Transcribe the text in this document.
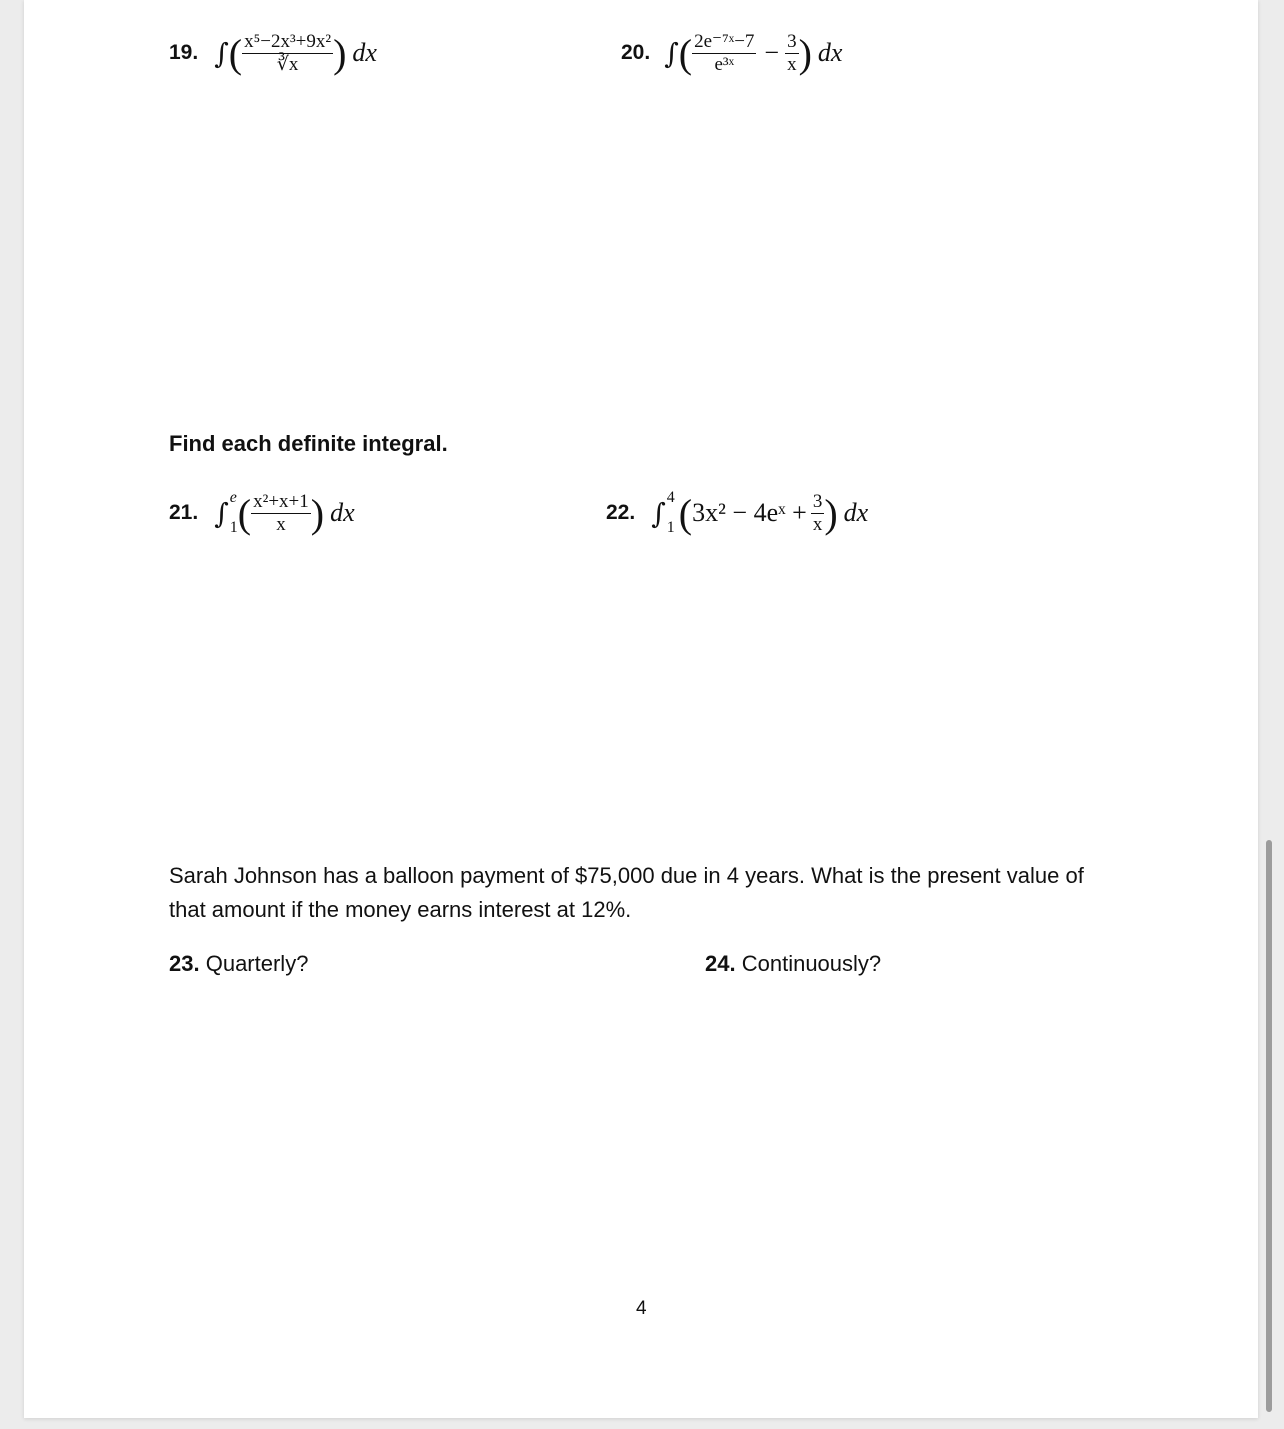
19. ∫ ( $\frac{\text{x⁵−2x³+9x²}}{∛x}$ ) dx	20. ∫ ( $\frac{\text{2e⁻⁷ˣ−7}}{\text{e³ˣ}} - \frac{3}{x}$ ) dx
Find each definite integral.
21. ∫ e
1 ( $\frac{\text{x²+x+1}}{x}$ ) dx	22. ∫ 4
1 ( 3x² − 4eˣ + $\frac{3}{x}$ ) dx
Sarah Johnson has a balloon payment of $75,000 due in 4 years. What is the present value of
that amount if the money earns interest at 12%.
23. Quarterly?	24. Continuously?
4
